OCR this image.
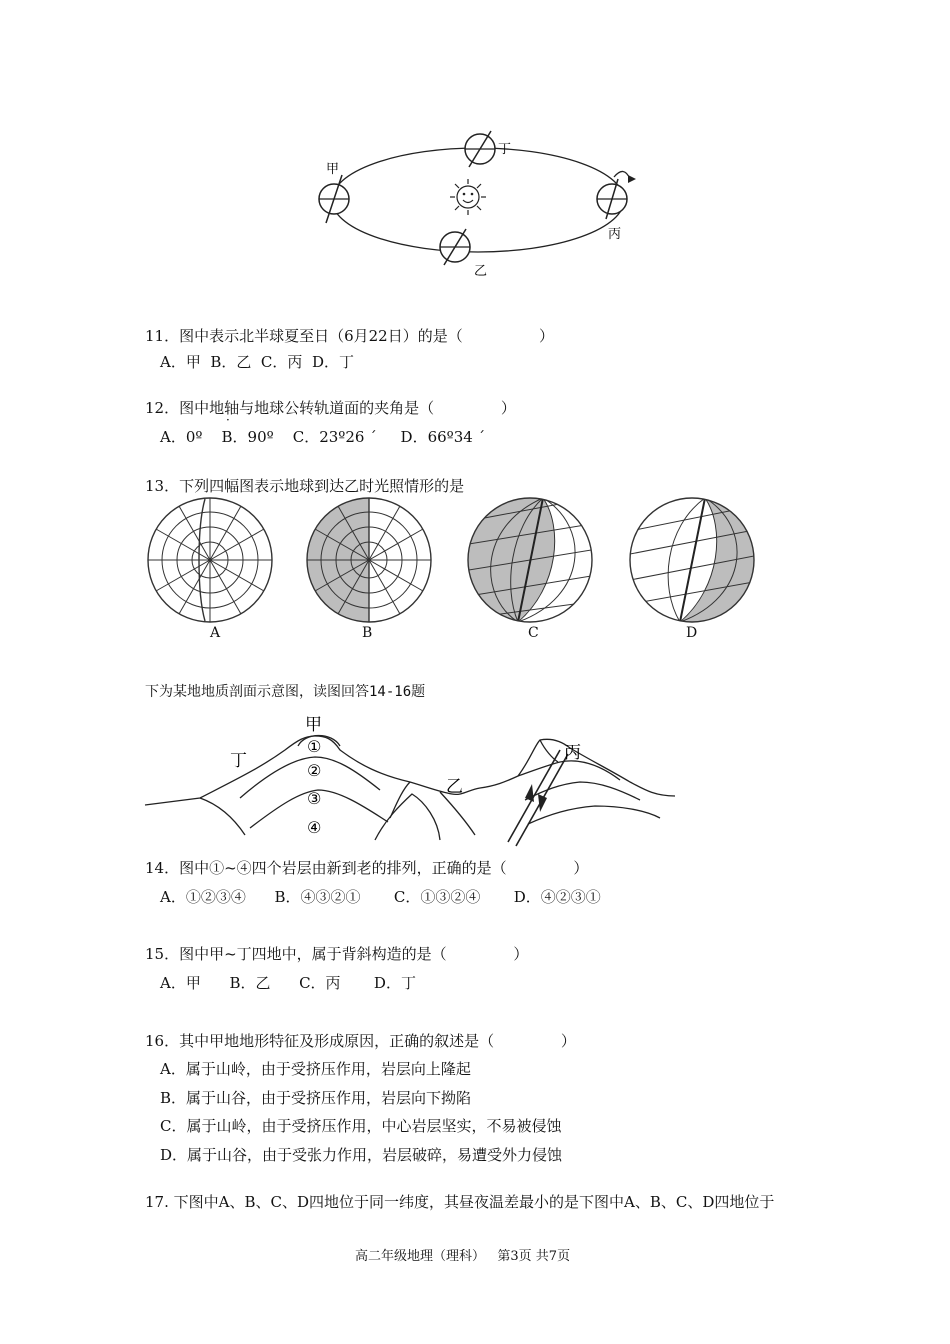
甲
乙
丙
丁
11．图中表示北半球夏至日（6月22日）的是（                ）
A．甲  B．乙  C．丙  D．丁
12．图中地轴与地球公转轨道面的夹角是（              ）
·
A．0º    B．90º    C．23º26 ´     D．66º34 ´
13．下列四幅图表示地球到达乙时光照情形的是
A	B	C	D
下为某地地质剖面示意图，读图回答14-16题
①
②
③
④
甲
丁
乙
丙
14．图中①~④四个岩层由新到老的排列，正确的是（              ）
A．①②③④      B．④③②①       C．①③②④       D．④②③①
15．图中甲~丁四地中，属于背斜构造的是（              ）
A．甲      B．乙      C．丙       D．丁
16．其中甲地地形特征及形成原因，正确的叙述是（              ）
A．属于山岭，由于受挤压作用，岩层向上隆起
B．属于山谷，由于受挤压作用，岩层向下拗陷
C．属于山岭，由于受挤压作用，中心岩层坚实，不易被侵蚀
D．属于山谷，由于受张力作用，岩层破碎，易遭受外力侵蚀
17. 下图中A、B、C、D四地位于同一纬度，其昼夜温差最小的是下图中A、B、C、D四地位于
高二年级地理（理科）   第3页 共7页
